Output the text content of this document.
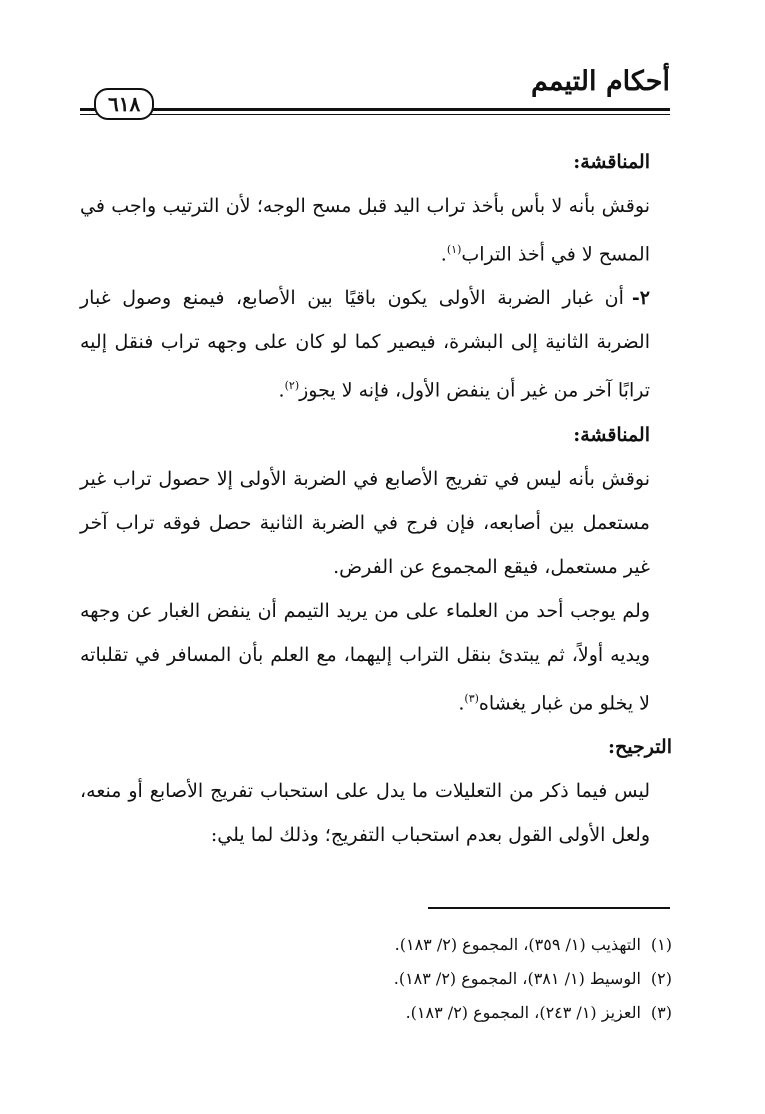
أحكام التيمم
٦١٨

المناقشة:

نوقش بأنه لا بأس بأخذ تراب اليد قبل مسح الوجه؛ لأن الترتيب واجب في المسح لا في أخذ التراب$^{(١)}$.

٢-أن غبار الضربة الأولى يكون باقيًا بين الأصابع، فيمنع وصول غبار الضربة الثانية إلى البشرة، فيصير كما لو كان على وجهه تراب فنقل إليه ترابًا آخر من غير أن ينفض الأول، فإنه لا يجوز$^{(٢)}$.

المناقشة:

نوقش بأنه ليس في تفريج الأصابع في الضربة الأولى إلا حصول تراب غير مستعمل بين أصابعه، فإن فرج في الضربة الثانية حصل فوقه تراب آخر غير مستعمل، فيقع المجموع عن الفرض.

ولم يوجب أحد من العلماء على من يريد التيمم أن ينفض الغبار عن وجهه ويديه أولاً، ثم يبتدئ بنقل التراب إليهما، مع العلم بأن المسافر في تقلباته لا يخلو من غبار يغشاه$^{(٣)}$.

الترجيح:

ليس فيما ذكر من التعليلات ما يدل على استحباب تفريج الأصابع أو منعه، ولعل الأولى القول بعدم استحباب التفريج؛ وذلك لما يلي:

(١)التهذيب (١/ ٣٥٩)، المجموع (٢/ ١٨٣).
(٢)الوسيط (١/ ٣٨١)، المجموع (٢/ ١٨٣).
(٣)العزيز (١/ ٢٤٣)، المجموع (٢/ ١٨٣).
